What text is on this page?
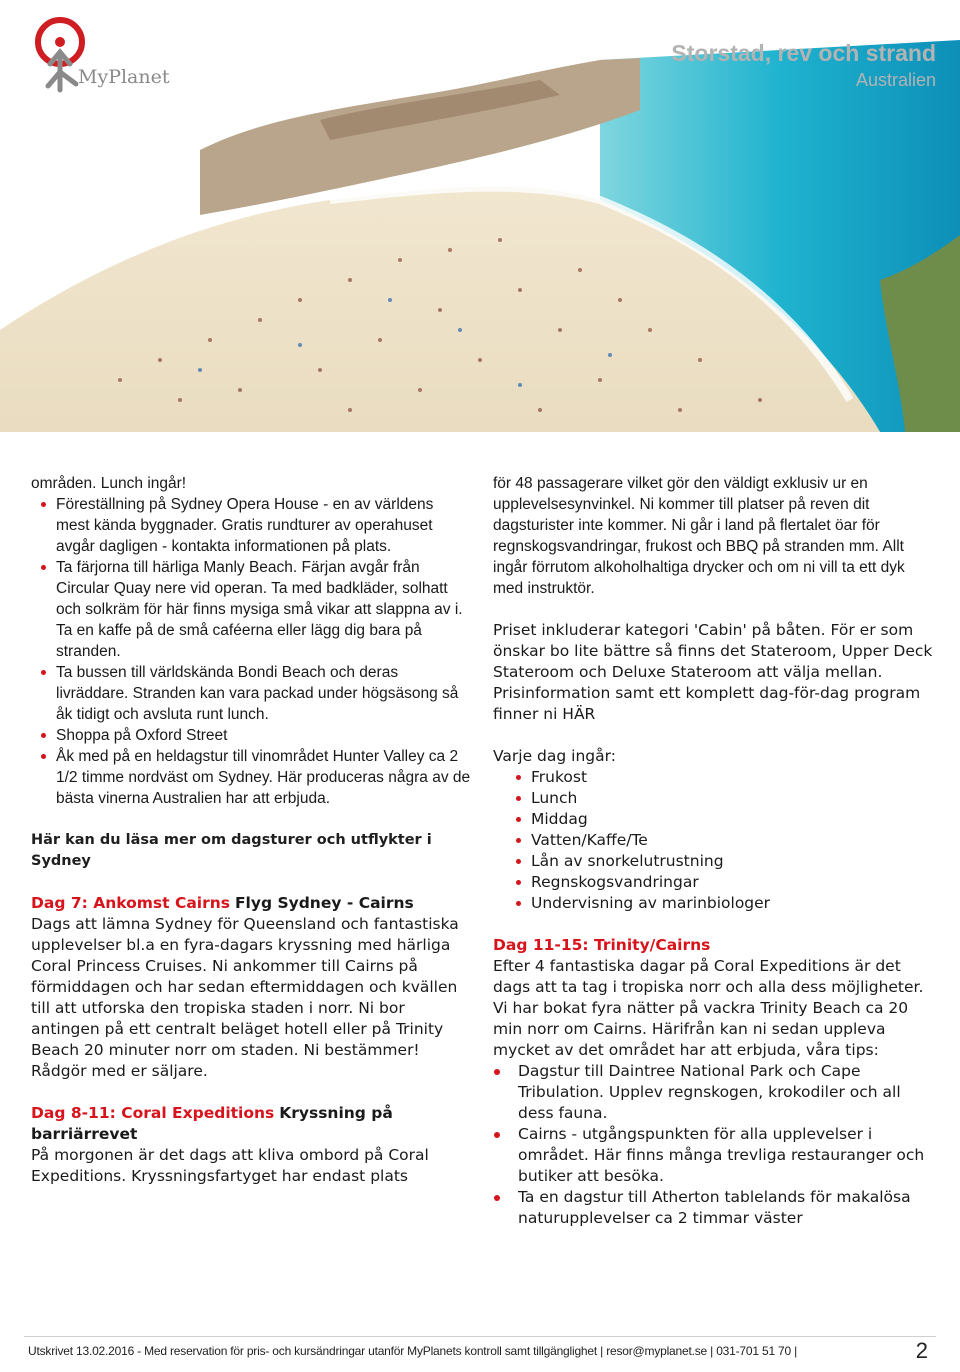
MyPlanet
Storstad, rev och strand
Australien
områden. Lunch ingår!
Föreställning på Sydney Opera House - en av världens mest kända byggnader. Gratis rundturer av operahuset avgår dagligen - kontakta informationen på plats.
Ta färjorna till härliga Manly Beach. Färjan avgår från Circular Quay nere vid operan. Ta med badkläder, solhatt och solkräm för här finns mysiga små vikar att slappna av i. Ta en kaffe på de små caféerna eller lägg dig bara på stranden.
Ta bussen till världskända Bondi Beach och deras livräddare. Stranden kan vara packad under högsäsong så åk tidigt och avsluta runt lunch.
Shoppa på Oxford Street
Åk med på en heldagstur till vinområdet Hunter Valley ca 2 1/2 timme nordväst om Sydney. Här produceras några av de bästa vinerna Australien har att erbjuda.
Här kan du läsa mer om dagsturer och utflykter i Sydney
Dag 7: Ankomst Cairns Flyg Sydney - Cairns
Dags att lämna Sydney för Queensland och fantastiska upplevelser bl.a en fyra-dagars kryssning med härliga Coral Princess Cruises. Ni ankommer till Cairns på förmiddagen och har sedan eftermiddagen och kvällen till att utforska den tropiska staden i norr. Ni bor antingen på ett centralt beläget hotell eller på Trinity Beach 20 minuter norr om staden. Ni bestämmer! Rådgör med er säljare.
Dag 8-11: Coral Expeditions Kryssning på barriärrevet
På morgonen är det dags att kliva ombord på Coral Expeditions. Kryssningsfartyget har endast plats
för 48 passagerare vilket gör den väldigt exklusiv ur en upplevelsesynvinkel. Ni kommer till platser på reven dit dagsturister inte kommer. Ni går i land på flertalet öar för regnskogsvandringar, frukost och BBQ på stranden mm. Allt ingår förrutom alkoholhaltiga drycker och om ni vill ta ett dyk med instruktör.
Priset inkluderar kategori 'Cabin' på båten. För er som önskar bo lite bättre så finns det Stateroom, Upper Deck Stateroom och Deluxe Stateroom att välja mellan. Prisinformation samt ett komplett dag-för-dag program finner ni HÄR
Varje dag ingår:
Frukost
Lunch
Middag
Vatten/Kaffe/Te
Lån av snorkelutrustning
Regnskogsvandringar
Undervisning av marinbiologer
Dag 11-15: Trinity/Cairns
Efter 4 fantastiska dagar på Coral Expeditions är det dags att ta tag i tropiska norr och alla dess möjligheter. Vi har bokat fyra nätter på vackra Trinity Beach ca 20 min norr om Cairns. Härifrån kan ni sedan uppleva mycket av det området har att erbjuda, våra tips:
Dagstur till Daintree National Park och Cape Tribulation. Upplev regnskogen, krokodiler och all dess fauna.
Cairns - utgångspunkten för alla upplevelser i området. Här finns många trevliga restauranger och butiker att besöka.
Ta en dagstur till Atherton tablelands för makalösa naturupplevelser ca 2 timmar väster
Utskrivet 13.02.2016 - Med reservation för pris- och kursändringar utanför MyPlanets kontroll samt tillgänglighet | resor@myplanet.se | 031-701 51 70 |	2
